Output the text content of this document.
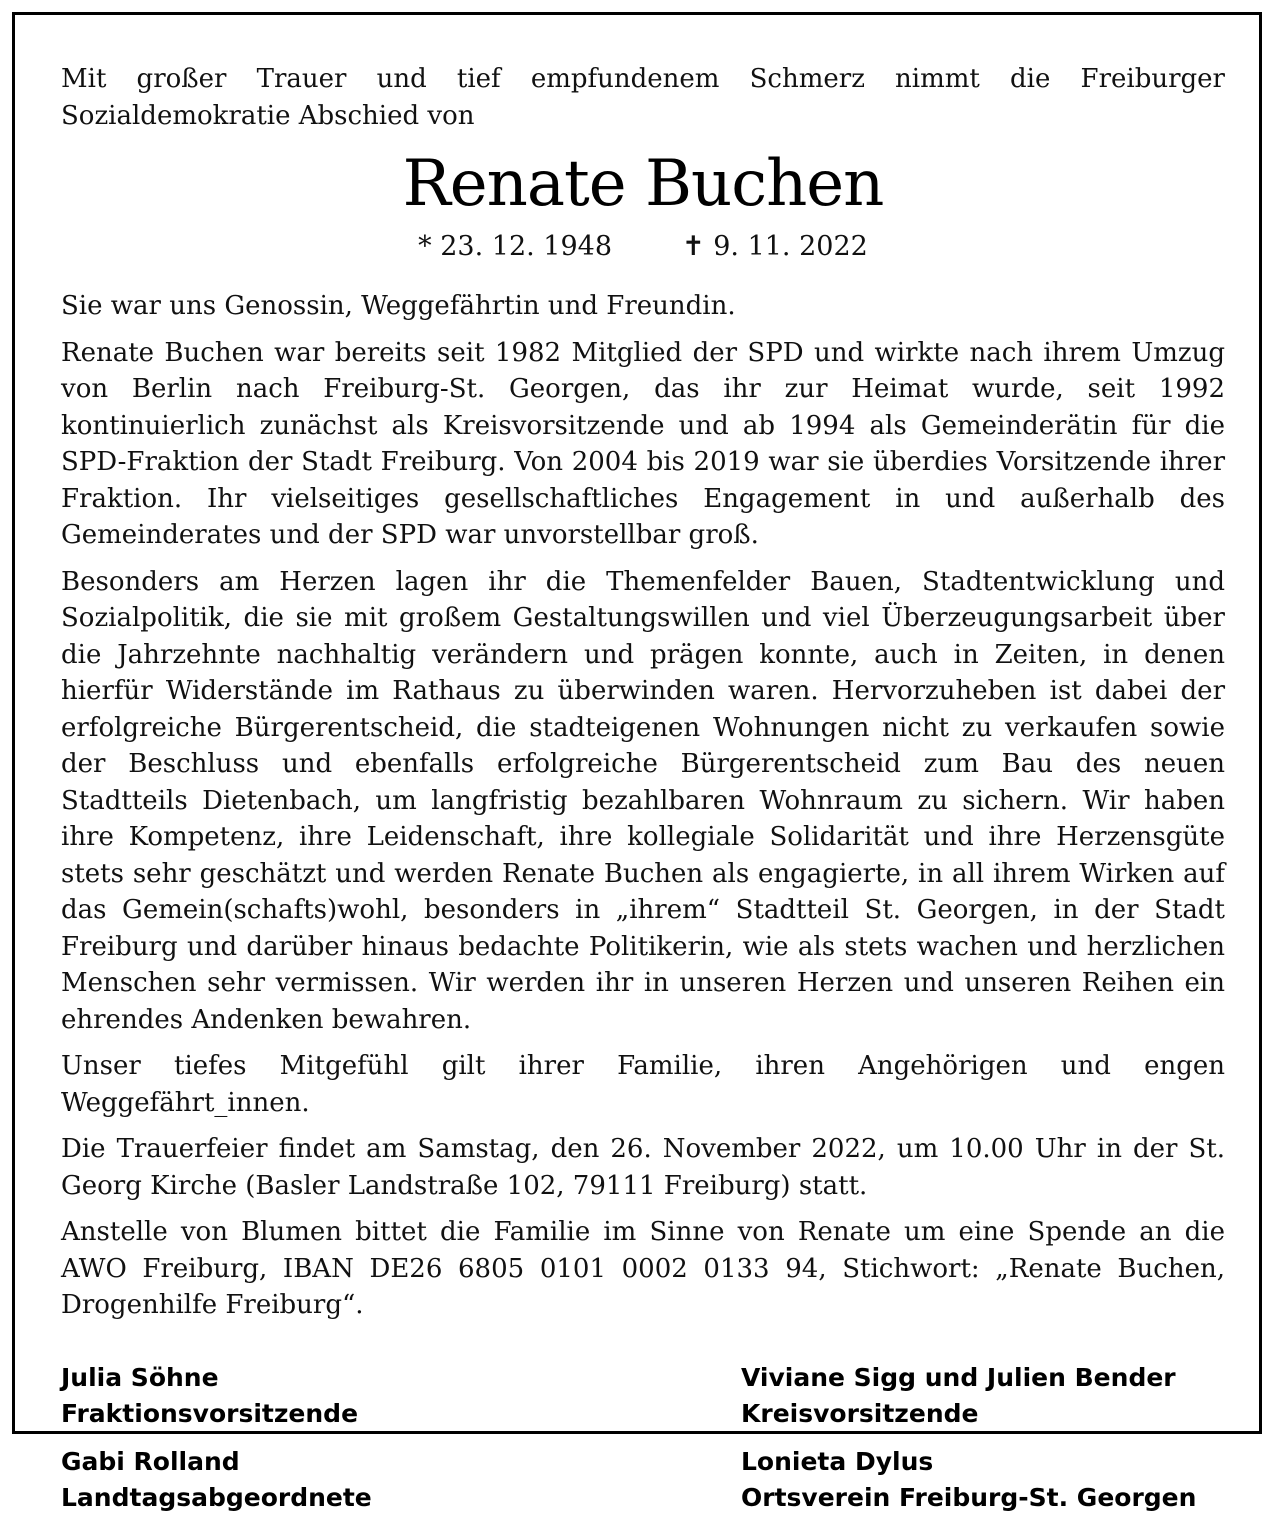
Mit großer Trauer und tief empfundenem Schmerz nimmt die Freiburger Sozialdemokratie Abschied von

Renate Buchen
* 23. 12. 1948	✝ 9. 11. 2022

Sie war uns Genossin, Weggefährtin und Freundin.

Renate Buchen war bereits seit 1982 Mitglied der SPD und wirkte nach ihrem Umzug von Berlin nach Freiburg-St. Georgen, das ihr zur Heimat wurde, seit 1992 kontinuierlich zunächst als Kreisvorsitzende und ab 1994 als Gemeinderätin für die SPD-Fraktion der Stadt Freiburg. Von 2004 bis 2019 war sie überdies Vorsitzende ihrer Fraktion. Ihr vielseitiges gesellschaftliches Engagement in und außerhalb des Gemeinderates und der SPD war unvorstellbar groß.

Besonders am Herzen lagen ihr die Themenfelder Bauen, Stadtentwicklung und Sozialpolitik, die sie mit großem Gestaltungswillen und viel Überzeugungsarbeit über die Jahrzehnte nachhaltig verändern und prägen konnte, auch in Zeiten, in denen hierfür Widerstände im Rathaus zu überwinden waren. Hervorzuheben ist dabei der erfolgreiche Bürgerentscheid, die stadteigenen Wohnungen nicht zu verkaufen sowie der Beschluss und ebenfalls erfolgreiche Bürgerentscheid zum Bau des neuen Stadtteils Dietenbach, um langfristig bezahlbaren Wohnraum zu sichern. Wir haben ihre Kompetenz, ihre Leidenschaft, ihre kollegiale Solidarität und ihre Herzensgüte stets sehr geschätzt und werden Renate Buchen als engagierte, in all ihrem Wirken auf das Gemein(schafts)wohl, besonders in „ihrem“ Stadtteil St. Georgen, in der Stadt Freiburg und darüber hinaus bedachte Politikerin, wie als stets wachen und herzlichen Menschen sehr vermissen. Wir werden ihr in unseren Herzen und unseren Reihen ein ehrendes Andenken bewahren.

Unser tiefes Mitgefühl gilt ihrer Familie, ihren Angehörigen und engen Weggefährt_innen.

Die Trauerfeier findet am Samstag, den 26. November 2022, um 10.00 Uhr in der St. Georg Kirche (Basler Landstraße 102, 79111 Freiburg) statt.

Anstelle von Blumen bittet die Familie im Sinne von Renate um eine Spende an die AWO Freiburg, IBAN DE26 6805 0101 0002 0133 94, Stichwort: „Renate Buchen, Drogenhilfe Freiburg“.

Julia Söhne
Fraktionsvorsitzende
Viviane Sigg und Julien Bender
Kreisvorsitzende
Gabi Rolland
Landtagsabgeordnete
Lonieta Dylus
Ortsverein Freiburg-St. Georgen
